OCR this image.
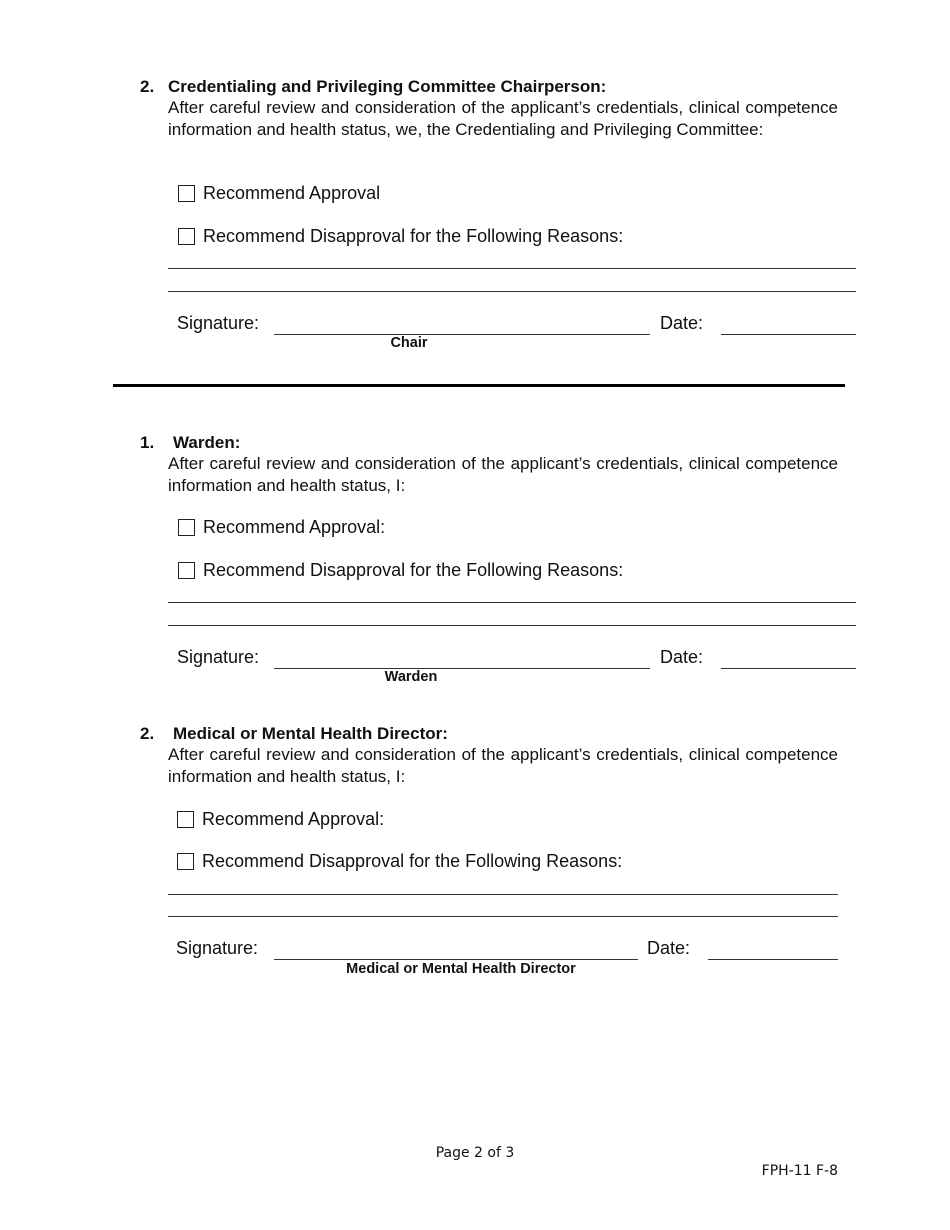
2. Credentialing and Privileging Committee Chairperson:
After careful review and consideration of the applicant’s credentials, clinical competence information and health status, we, the Credentialing and Privileging Committee:
Recommend Approval
Recommend Disapproval for the Following Reasons:
Signature:
Chair
Date:
1. Warden:
After careful review and consideration of the applicant’s credentials, clinical competence information and health status, I:
Recommend Approval:
Recommend Disapproval for the Following Reasons:
Signature:
Warden
Date:
2. Medical or Mental Health Director:
After careful review and consideration of the applicant’s credentials, clinical competence information and health status, I:
Recommend Approval:
Recommend Disapproval for the Following Reasons:
Signature:
Medical or Mental Health Director
Date:
Page 2 of 3
FPH-11 F-8
